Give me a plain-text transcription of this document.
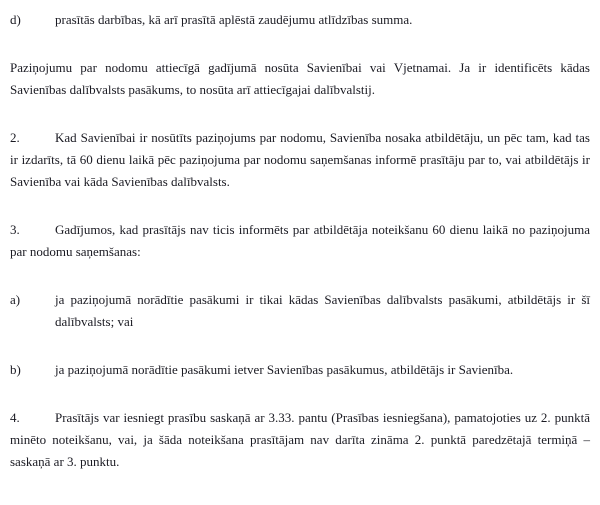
d)	prasītās darbības, kā arī prasītā aplēstā zaudējumu atlīdzības summa.

Paziņojumu par nodomu attiecīgā gadījumā nosūta Savienībai vai Vjetnamai. Ja ir identificēts kādas Savienības dalībvalsts pasākums, to nosūta arī attiecīgajai dalībvalstij.

2.	Kad Savienībai ir nosūtīts paziņojums par nodomu, Savienība nosaka atbildētāju, un pēc tam, kad tas ir izdarīts, tā 60 dienu laikā pēc paziņojuma par nodomu saņemšanas informē prasītāju par to, vai atbildētājs ir Savienība vai kāda Savienības dalībvalsts.

3.	Gadījumos, kad prasītājs nav ticis informēts par atbildētāja noteikšanu 60 dienu laikā no paziņojuma par nodomu saņemšanas:

a)	ja paziņojumā norādītie pasākumi ir tikai kādas Savienības dalībvalsts pasākumi, atbildētājs ir šī dalībvalsts; vai
b)	ja paziņojumā norādītie pasākumi ietver Savienības pasākumus, atbildētājs ir Savienība.

4.	Prasītājs var iesniegt prasību saskaņā ar 3.33. pantu (Prasības iesniegšana), pamatojoties uz 2. punktā minēto noteikšanu, vai, ja šāda noteikšana prasītājam nav darīta zināma 2. punktā paredzētajā termiņā – saskaņā ar 3. punktu.
